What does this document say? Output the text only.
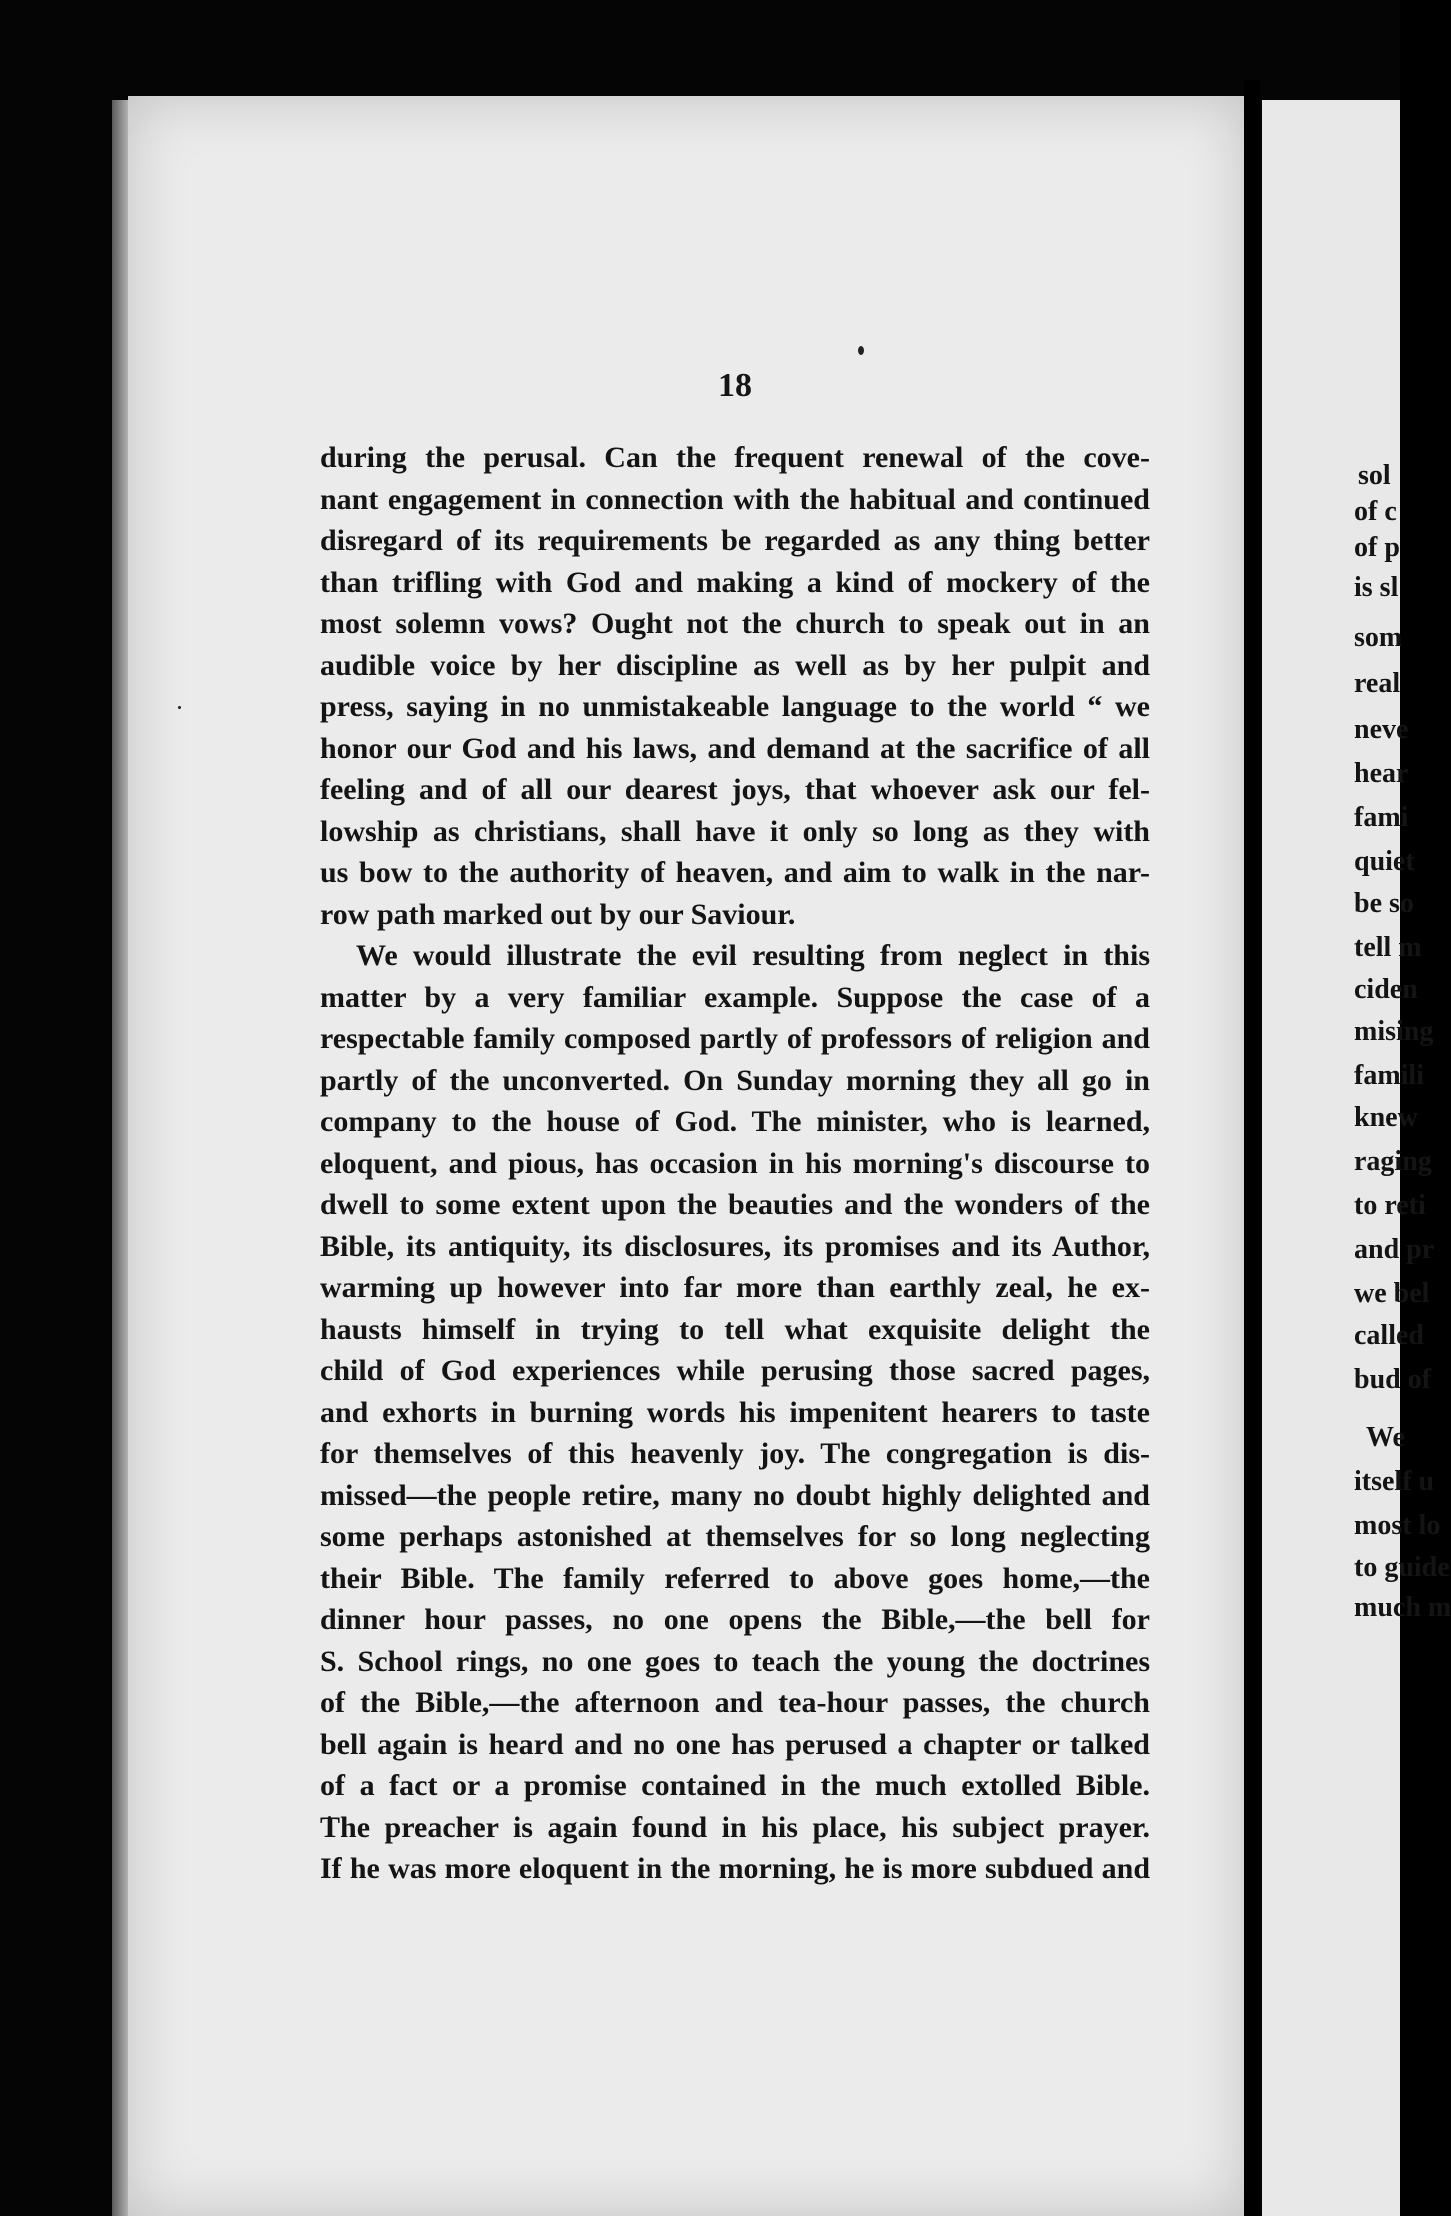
sol
of c
of p
is sl
som
real
neve
hear
fami
quiet
be so
tell m
ciden
mising
famili
knew
raging
to reti
and pr
we bel
called
bud of
We
itself u
most lo
to guide
much m
18
during the perusal. Can the frequent renewal of the cove-
nant engagement in connection with the habitual and continued
disregard of its requirements be regarded as any thing better
than trifling with God and making a kind of mockery of the
most solemn vows? Ought not the church to speak out in an
audible voice by her discipline as well as by her pulpit and
press, saying in no unmistakeable language to the world “ we
honor our God and his laws, and demand at the sacrifice of all
feeling and of all our dearest joys, that whoever ask our fel-
lowship as christians, shall have it only so long as they with
us bow to the authority of heaven, and aim to walk in the nar-
row path marked out by our Saviour.
We would illustrate the evil resulting from neglect in this
matter by a very familiar example. Suppose the case of a
respectable family composed partly of professors of religion and
partly of the unconverted. On Sunday morning they all go in
company to the house of God. The minister, who is learned,
eloquent, and pious, has occasion in his morning's discourse to
dwell to some extent upon the beauties and the wonders of the
Bible, its antiquity, its disclosures, its promises and its Author,
warming up however into far more than earthly zeal, he ex-
hausts himself in trying to tell what exquisite delight the
child of God experiences while perusing those sacred pages,
and exhorts in burning words his impenitent hearers to taste
for themselves of this heavenly joy. The congregation is dis-
missed—the people retire, many no doubt highly delighted and
some perhaps astonished at themselves for so long neglecting
their Bible. The family referred to above goes home,—the
dinner hour passes, no one opens the Bible,—the bell for
S. School rings, no one goes to teach the young the doctrines
of the Bible,—the afternoon and tea-hour passes, the church
bell again is heard and no one has perused a chapter or talked
of a fact or a promise contained in the much extolled Bible.
The preacher is again found in his place, his subject prayer.
If he was more eloquent in the morning, he is more subdued and
